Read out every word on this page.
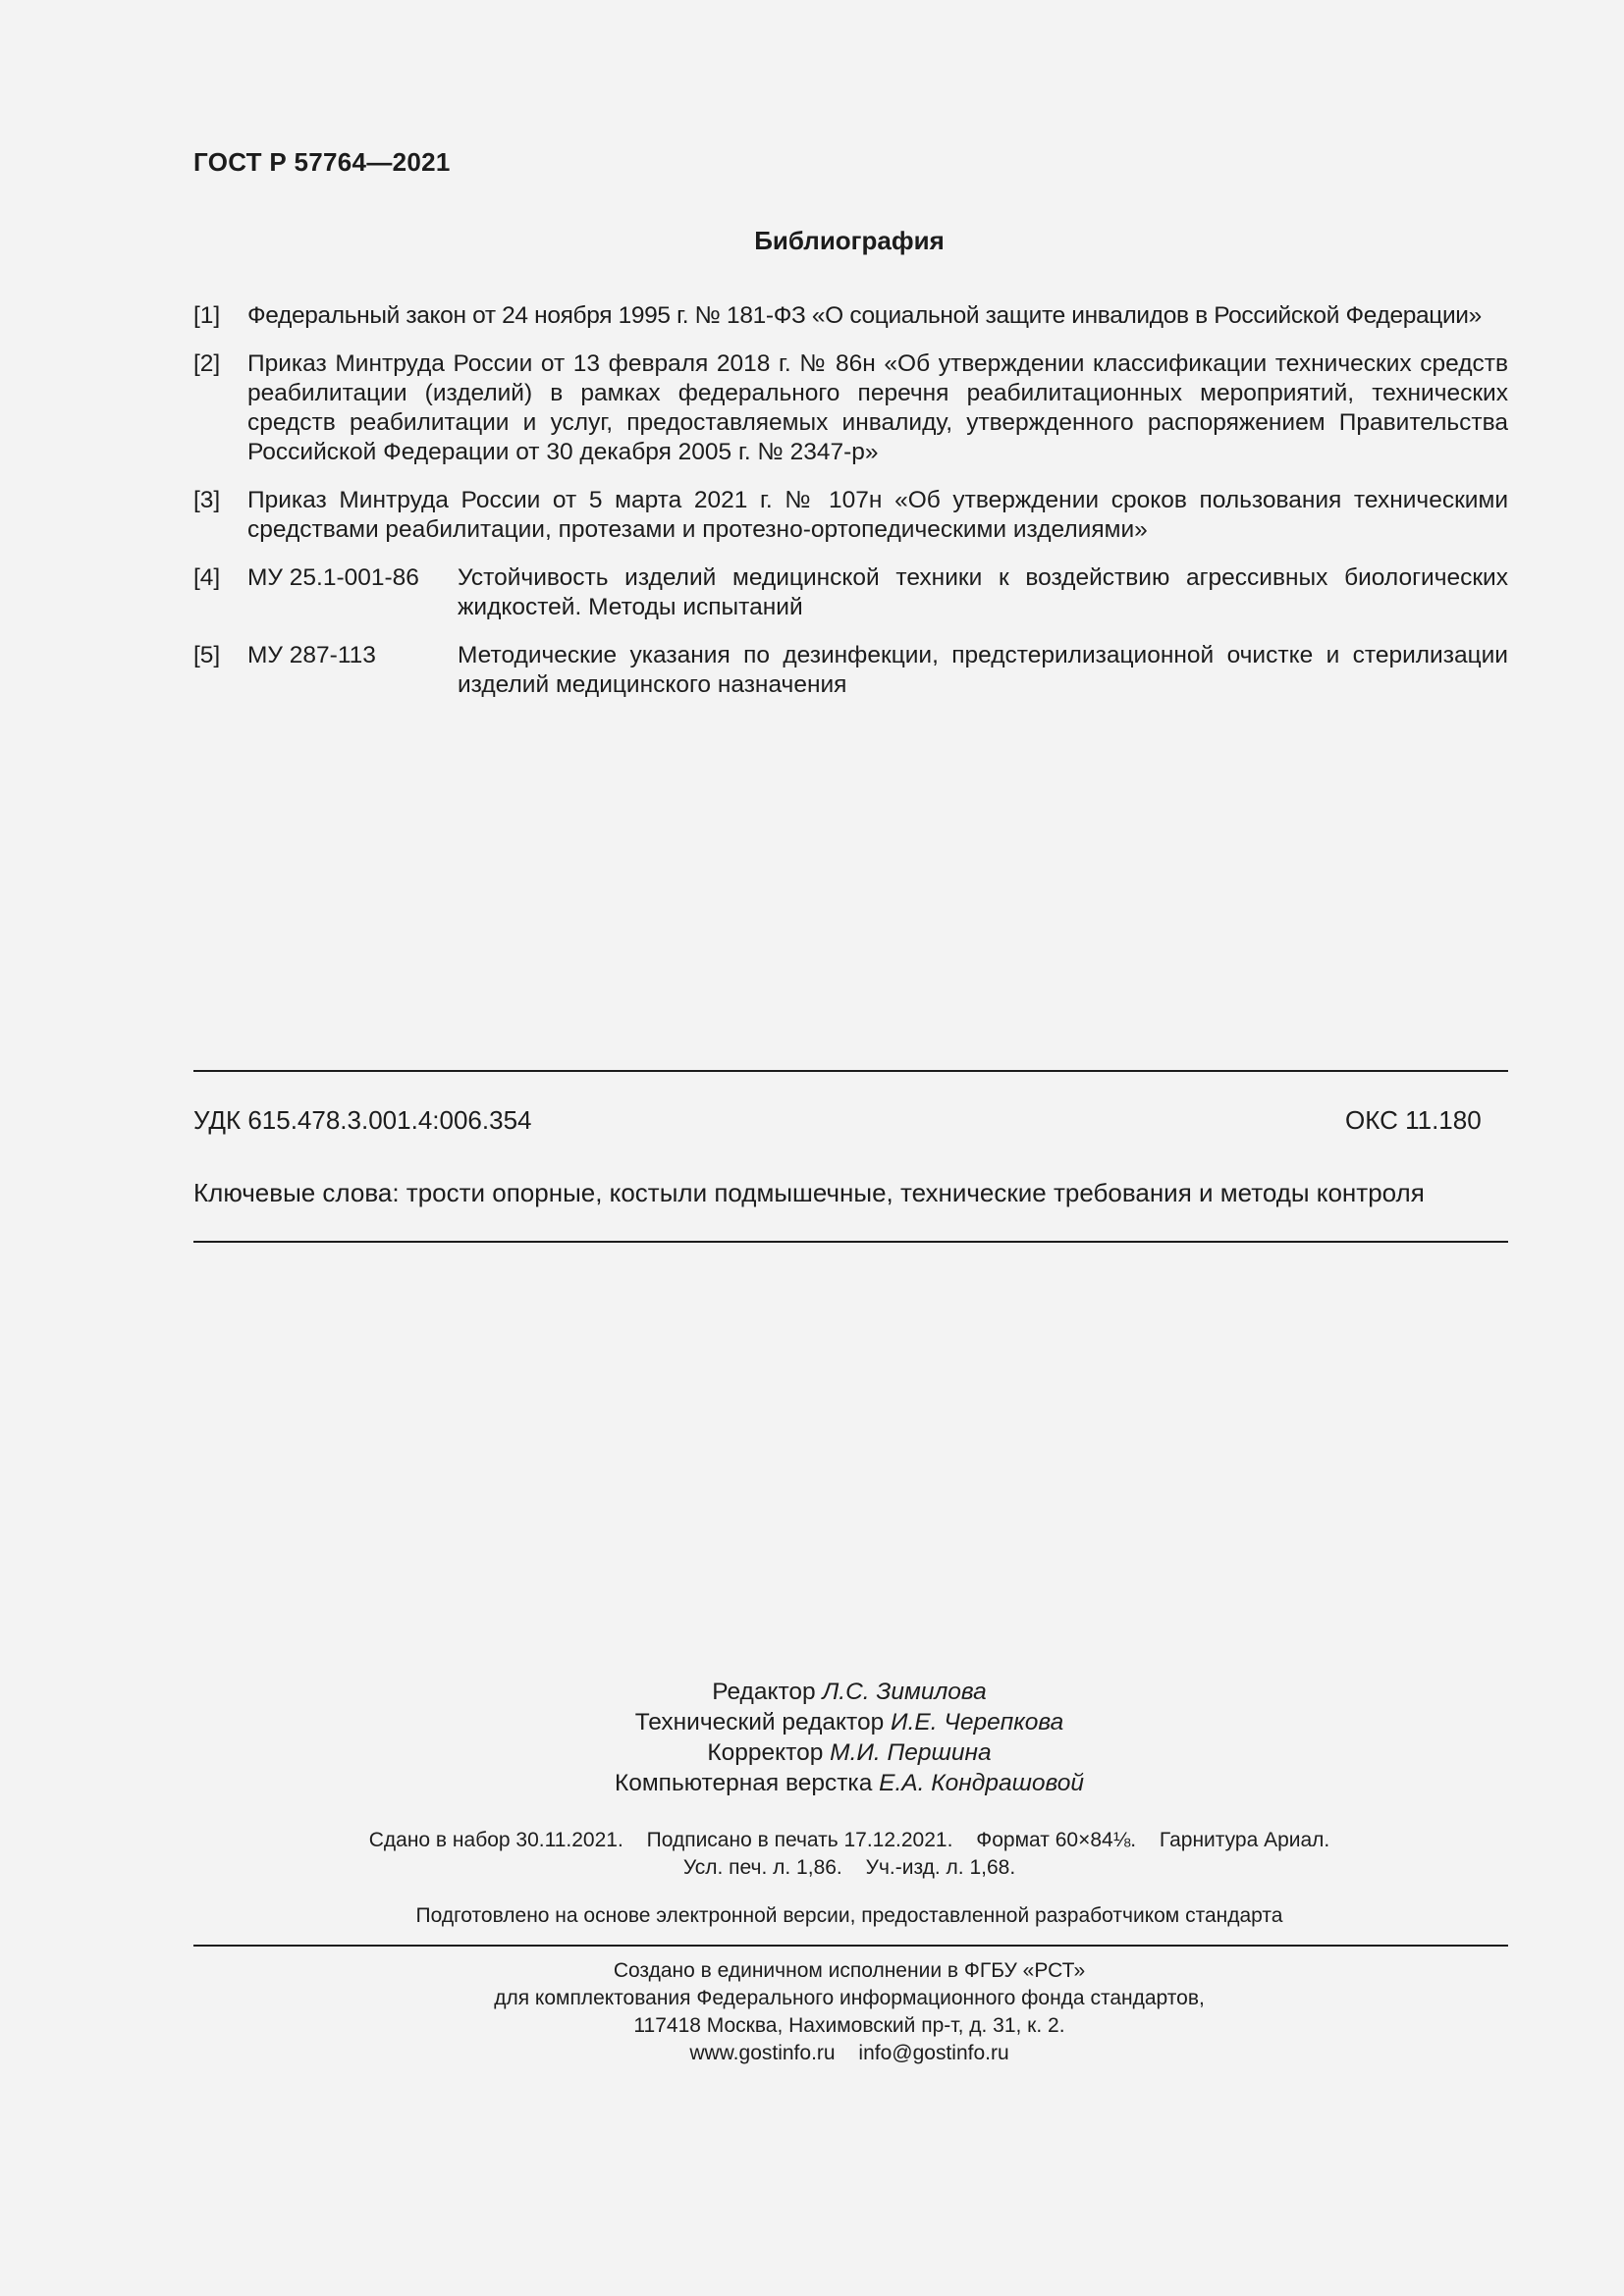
ГОСТ Р 57764—2021
Библиография
[1]	Федеральный закон от 24 ноября 1995 г. № 181-ФЗ «О социальной защите инвалидов в Российской Федерации»
[2]	Приказ Минтруда России от 13 февраля 2018 г. № 86н «Об утверждении классификации технических средств реабилитации (изделий) в рамках федерального перечня реабилитационных мероприятий, технических средств реабилитации и услуг, предоставляемых инвалиду, утвержденного распоряжением Правительства Российской Федерации от 30 декабря 2005 г. № 2347-р»
[3]	Приказ Минтруда России от 5 марта 2021 г. № 107н «Об утверждении сроков пользования техническими средствами реабилитации, протезами и протезно-ортопедическими изделиями»
[4]	МУ 25.1-001-86	Устойчивость изделий медицинской техники к воздействию агрессивных биологических жидкостей. Методы испытаний
[5]	МУ 287-113	Методические указания по дезинфекции, предстерилизационной очистке и стерилизации изделий медицинского назначения
УДК 615.478.3.001.4:006.354	ОКС 11.180
Ключевые слова: трости опорные, костыли подмышечные, технические требования и методы контроля
Редактор Л.С. Зимилова
Технический редактор И.Е. Черепкова
Корректор М.И. Першина
Компьютерная верстка Е.А. Кондрашовой
Сдано в набор 30.11.2021. Подписано в печать 17.12.2021. Формат 60×84⅛. Гарнитура Ариал.
Усл. печ. л. 1,86. Уч.-изд. л. 1,68.
Подготовлено на основе электронной версии, предоставленной разработчиком стандарта
Создано в единичном исполнении в ФГБУ «РСТ»
для комплектования Федерального информационного фонда стандартов,
117418 Москва, Нахимовский пр-т, д. 31, к. 2.
www.gostinfo.ru info@gostinfo.ru
